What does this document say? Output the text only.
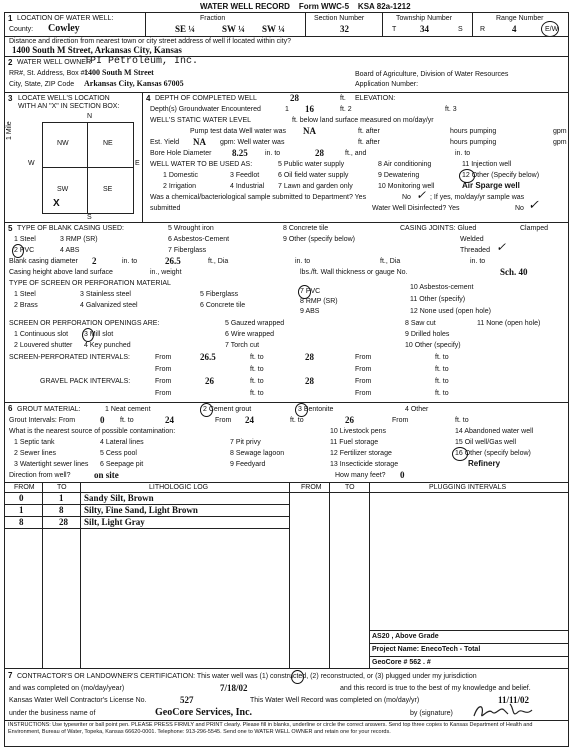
WATER WELL RECORD Form WWC-5 KSA 82a-1212
1 LOCATION OF WATER WELL:
County: Cowley
Fraction
SE ¼	SW ¼ SW ¼
Section Number
32
Township Number
T	34	S
Range Number
R	4	E/W
Distance and direction from nearest town or city street address of well if located within city?
1400 South M Street, Arkansas City, Kansas
2 WATER WELL OWNER
TPI Petroleum, Inc.
RR#, St. Address, Box # :
1400 South M Street
City, State, ZIP Code Arkansas City, Kansas 67005
Board of Agriculture, Division of Water Resources
Application Number:
3 LOCATE WELL'S LOCATION
WITH AN "X" IN SECTION BOX:
N
S
W	E
1 Mile
NW	NE
SW	SE
X
4 DEPTH OF COMPLETED WELL	28	ft. ELEVATION:
Depth(s) Groundwater Encountered	1 16	ft. 2	ft. 3
WELL'S STATIC WATER LEVEL	ft. below land surface measured on mo/day/yr
Pump test data Well water was NA	ft. after	hours pumping	gpm
Est. Yield NA gpm: Well water was	ft. after	hours pumping	gpm
Bore Hole Diameter 8.25 in. to	28	ft., and	in. to
WELL WATER TO BE USED AS:	5 Public water supply	8 Air conditioning	11 Injection well
1 Domestic	3 Feedlot	6 Oil field water supply	9 Dewatering	12 Other (Specify below)
2 Irrigation	4 Industrial 7 Lawn and garden only	10 Monitoring well	Air Sparge well
Was a chemical/bacteriological sample submitted to Department? Yes	No ✓ ; If yes, mo/day/yr sample was
submitted	Water Well Disinfected? Yes	No ✓
5 TYPE OF BLANK CASING USED:
1 Steel	3 RMP (SR)
5 Wrought iron
6 Asbestos-Cement
8 Concrete tile
9 Other (specify below)
2 PVC	4 ABS	7 Fiberglass
CASING JOINTS: Glued	Clamped
Welded
Threaded ✓
Blank casing diameter 2	in. to	26.5	ft., Dia	in. to	ft., Dia	in. to
Casing height above land surface	in., weight	lbs./ft. Wall thickness or gauge No.	Sch. 40
TYPE OF SCREEN OR PERFORATION MATERIAL
1 Steel	3 Stainless steel	5 Fiberglass	7 PVC
10 Asbestos-cement
2 Brass	4 Galvanized steel	6 Concrete tile
8 RMP (SR)
9 ABS
11 Other (specify)
12 None used (open hole)
SCREEN OR PERFORATION OPENINGS ARE:
1 Continuous slot 3 Mill slot
5 Gauzed wrapped	8 Saw cut	11 None (open hole)
2 Louvered shutter 4 Key punched
6 Wire wrapped
7 Torch cut
9 Drilled holes
10 Other (specify)
SCREEN-PERFORATED INTERVALS:	From	26.5	ft. to	28	From	ft. to
From	ft. to	From	ft. to
GRAVEL PACK INTERVALS:	From	26	ft. to	28	From	ft. to
From	ft. to	From	ft. to
6 GROUT MATERIAL:	1 Neat cement	2 Cement grout	3 Bentonite	4 Other
Grout Intervals: From	0 ft. to	24	From 24	ft. to	26	From	ft. to
What is the nearest source of possible contamination:	10 Livestock pens	14 Abandoned water well
1 Septic tank	4 Lateral lines	7 Pit privy	11 Fuel storage	15 Oil well/Gas well
2 Sewer lines	5 Cess pool	8 Sewage lagoon	12 Fertilizer storage	16 Other (specify below)
3 Watertight sewer lines 6 Seepage pit	9 Feedyard	13 Insecticide storage	Refinery
Direction from well?	on site	How many feet? 0
FROM	TO	LITHOLOGIC LOG	FROM	TO	PLUGGING INTERVALS
0	1 Sandy Silt, Brown
1	8 Silty, Fine Sand, Light Brown
8	28 Silt, Light Gray
AS20 , Above Grade
Project Name: EnecoTech - Total
GeoCore # 562 . #
7 CONTRACTOR'S OR LANDOWNER'S CERTIFICATION: This water well was (1) constructed, (2) reconstructed, or (3) plugged under my jurisdiction
and was completed on (mo/day/year)	7/18/02	and this record is true to the best of my knowledge and belief.
Kansas Water Well Contractor's License No.	527	This Water Well Record was completed on (mo/day/yr)	11/11/02
under the business name of	GeoCore Services, Inc.	by (signature)
INSTRUCTIONS: Use typewriter or ball point pen. PLEASE PRESS FIRMLY and PRINT clearly. Please fill in blanks, underline or circle the correct answers. Send top three copies to Kansas Department of Health and Environment, Bureau of Water, Topeka, Kansas 66620-0001. Telephone: 913-296-5545. Send one to WATER WELL OWNER and retain one for your records.
